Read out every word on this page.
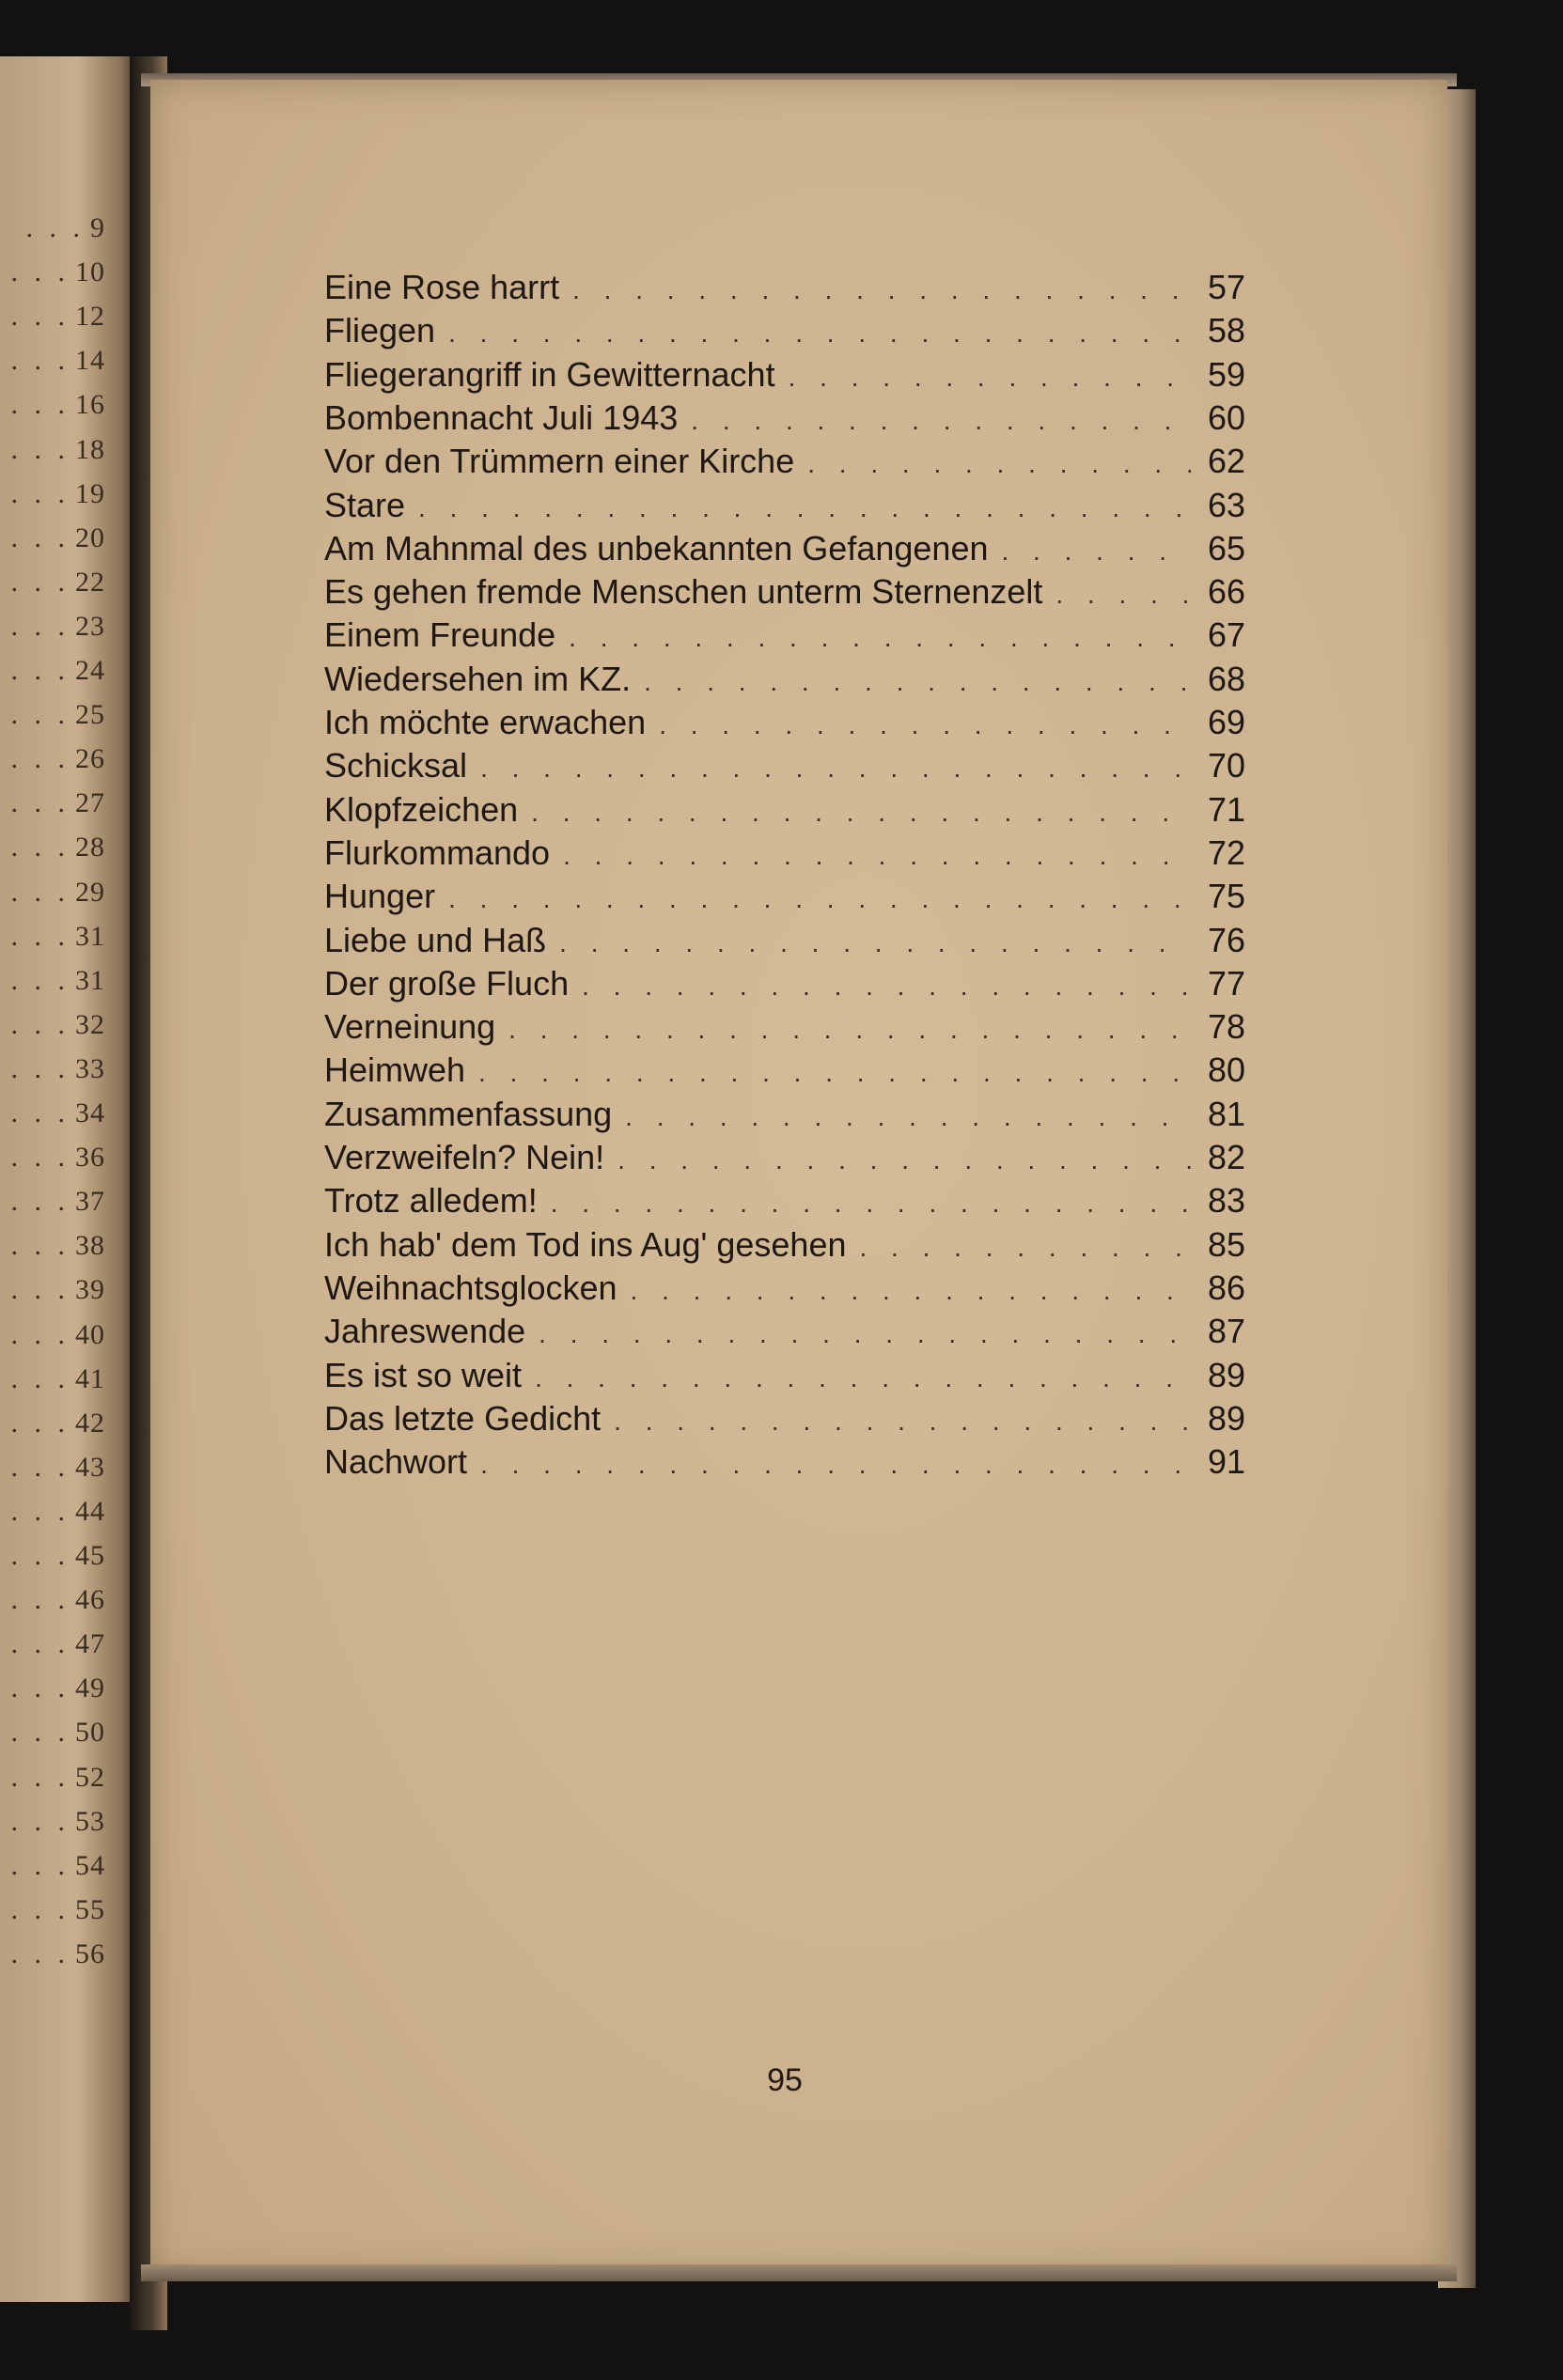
. . . 9
. . . 10
. . . 12
. . . 14
. . . 16
. . . 18
. . . 19
. . . 20
. . . 22
. . . 23
. . . 24
. . . 25
. . . 26
. . . 27
. . . 28
. . . 29
. . . 31
. . . 31
. . . 32
. . . 33
. . . 34
. . . 36
. . . 37
. . . 38
. . . 39
. . . 40
. . . 41
. . . 42
. . . 43
. . . 44
. . . 45
. . . 46
. . . 47
. . . 49
. . . 50
. . . 52
. . . 53
. . . 54
. . . 55
. . . 56
Eine Rose harrt . . .	57
Fliegen . . .	58
Fliegerangriff in Gewitternacht . . .	59
Bombennacht Juli 1943 . . .	60
Vor den Trümmern einer Kirche . . .	62
Stare . . .	63
Am Mahnmal des unbekannten Gefangenen . . .	65
Es gehen fremde Menschen unterm Sternenzelt . . .	66
Einem Freunde . . .	67
Wiedersehen im KZ. . . .	68
Ich möchte erwachen . . .	69
Schicksal . . .	70
Klopfzeichen . . .	71
Flurkommando . . .	72
Hunger . . .	75
Liebe und Haß . . .	76
Der große Fluch . . .	77
Verneinung . . .	78
Heimweh . . .	80
Zusammenfassung . . .	81
Verzweifeln? Nein! . . .	82
Trotz alledem! . . .	83
Ich hab' dem Tod ins Aug' gesehen . . .	85
Weihnachtsglocken . . .	86
Jahreswende . . .	87
Es ist so weit . . .	89
Das letzte Gedicht . . .	89
Nachwort . . .	91
95
